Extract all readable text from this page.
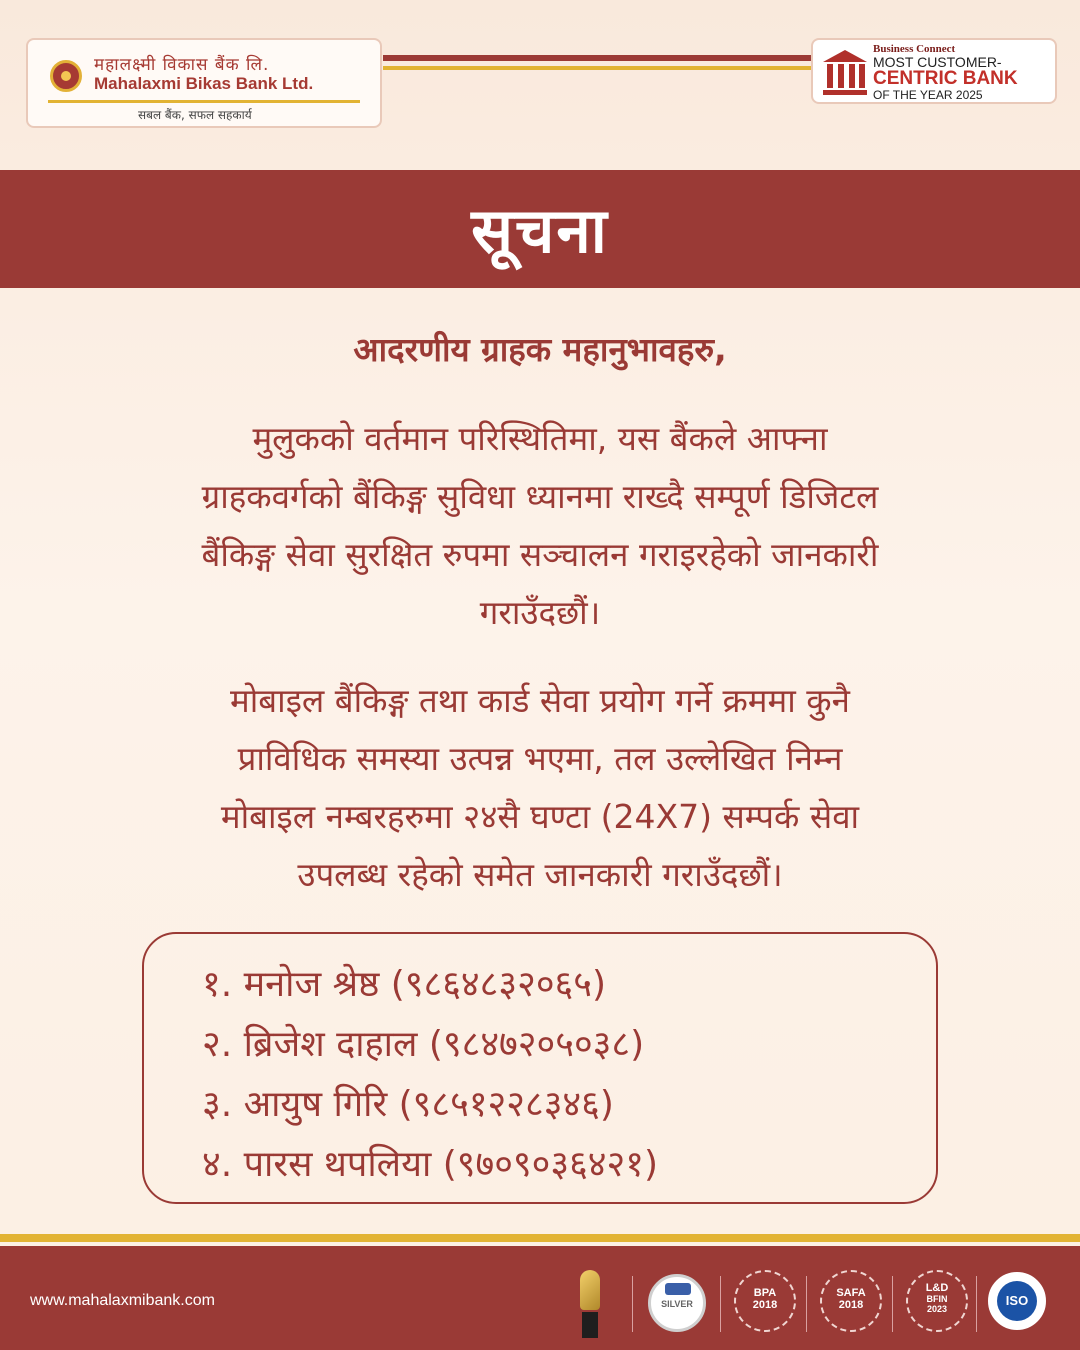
महालक्ष्मी विकास बैंक लि.
Mahalaxmi Bikas Bank Ltd.
सबल बैंक, सफल सहकार्य
Business Connect
MOST CUSTOMER-
CENTRIC BANK
OF THE YEAR 2025
सूचना
आदरणीय ग्राहक महानुभावहरु,
मुलुकको वर्तमान परिस्थितिमा, यस बैंकले आफ्ना
ग्राहकवर्गको बैंकिङ्ग सुविधा ध्यानमा राख्दै सम्पूर्ण डिजिटल
बैंकिङ्ग सेवा सुरक्षित रुपमा सञ्चालन गराइरहेको जानकारी
गराउँदछौं।
मोबाइल बैंकिङ्ग तथा कार्ड सेवा प्रयोग गर्ने क्रममा कुनै
प्राविधिक समस्या उत्पन्न भएमा, तल उल्लेखित निम्न
मोबाइल नम्बरहरुमा २४सै घण्टा (24X7) सम्पर्क सेवा
उपलब्ध रहेको समेत जानकारी गराउँदछौं।
१. मनोज श्रेष्ठ (९८६४८३२०६५)
२. ब्रिजेश दाहाल (९८४७२०५०३८)
३. आयुष गिरि (९८५१२२८३४६)
४. पारस थपलिया (९७०९०३६४२१)
www.mahalaxmibank.com	SILVER
BPA
2018
SAFA
2018
L&D
BFIN
2023
ISO
